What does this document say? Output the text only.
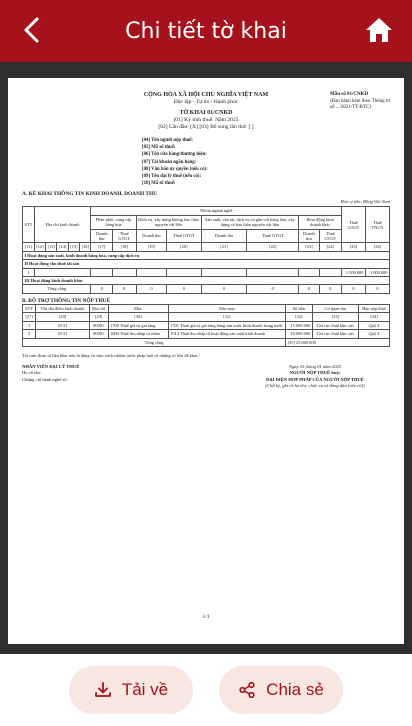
Chi tiết tờ khai
CỘNG HÒA XÃ HỘI CHỦ NGHĨA VIỆT NAM
Độc lập - Tự do - Hạnh phúc
TỜ KHAI 01/CNKD
[01] Kỳ tính thuế: Năm 2025
[02] Lần đầu: [X] [03] Bổ sung lần thứ: [ ]
Mẫu số 01/CNKD
(Ban hành kèm theo Thông tư số .../2021/TT-BTC)
[04] Tên người nộp thuế:
[05] Mã số thuế:
[06] Tên cửa hàng/thương hiệu:
[07] Tài khoản ngân hàng:
[08] Văn bản ủy quyền (nếu có):
[09] Tên đại lý thuế (nếu có):
[10] Mã số thuế:
A. KÊ KHAI THÔNG TIN KINH DOANH, DOANH THU
Đơn vị tiền: Đồng Việt Nam
STT	Địa chỉ kinh doanh					Nhóm ngành nghề								Thuế GTGT	Thuế TNCN
						Phân phối, cung cấp hàng hóa		Dịch vụ, xây dựng không bao thầu nguyên vật liệu		Sản xuất, vận tải, dịch vụ có gắn với hàng hóa, xây dựng có bao thầu nguyên vật liệu		Hoạt động kinh doanh khác			
						Doanh thu	Thuế GTGT	Doanh thu	Thuế GTGT	Doanh thu	Thuế GTGT	Doanh thu	Thuế GTGT		
[11]	[12]	[13]	[14]	[15]	[16]	[17]	[18]	[19]	[20]	[21]	[22]	[23]	[24]	[25]	[26]
I Hoạt động sản xuất, kinh doanh hàng hóa, cung cấp dịch vụ															
II Hoạt động cho thuê tài sản															
1														1.500.000	1.000.000
III Hoạt động kinh doanh khác															
Tổng cộng						0	0	0	0	0	0	0	0	0	0
B. BỔ TRỢ THÔNG TIN NỘP THUẾ
STT	Tên địa điểm kinh doanh	Địa chỉ	Mục	Tiểu mục	Số tiền	Cơ quan thu	Hạn nộp thuế
[27]	[28]	[29]	[30]	[31]	[32]	[33]	[34]
1	45.51	00001	1700 Thuế giá trị gia tăng	1701 Thuế giá trị gia tăng hàng sản xuất, kinh doanh trong nước	15.000.000	Chi cục thuế khu vực	Quý 4
2	45.51	00001	1000 Thuế thu nhập cá nhân	1014 Thuế thu nhập từ hoạt động sản xuất kinh doanh	10.000.000	Chi cục thuế khu vực	Quý 4
Tổng cộng					[35] 25.000.000		
Tôi cam đoan số liệu khai trên là đúng và chịu trách nhiệm trước pháp luật về những số liệu đã khai./.
NHÂN VIÊN ĐẠI LÝ THUẾ
Họ và tên:
Chứng chỉ hành nghề số:
Ngày 10 tháng 01 năm 2025
NGƯỜI NỘP THUẾ hoặc
ĐẠI DIỆN HỢP PHÁP CỦA NGƯỜI NỘP THUẾ
(Chữ ký, ghi rõ họ tên; chức vụ và đóng dấu (nếu có))
1/1
Tải về	Chia sẻ
